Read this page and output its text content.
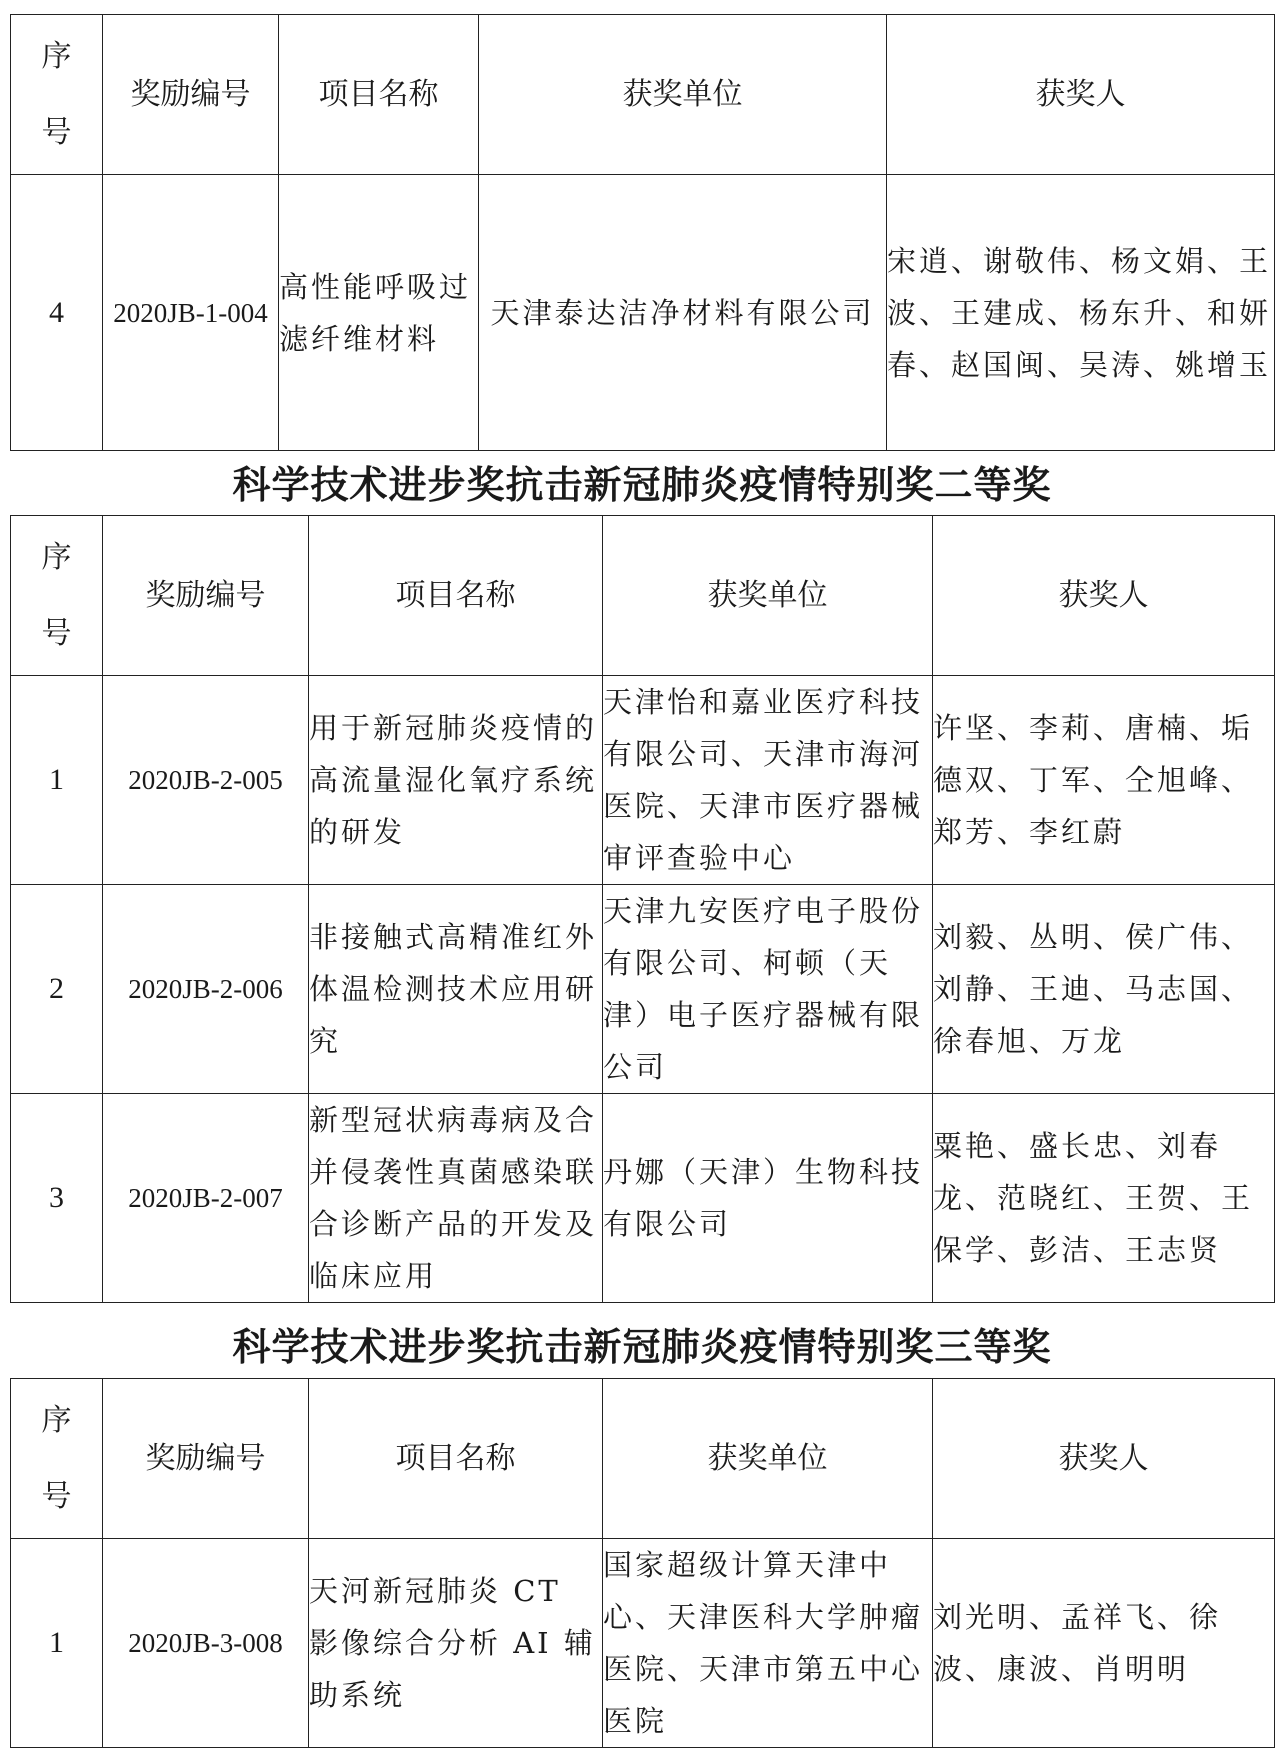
序号	奖励编号	项目名称	获奖单位	获奖人
4	2020JB-1-004	高性能呼吸过滤纤维材料	天津泰达洁净材料有限公司	宋逍、谢敬伟、杨文娟、王波、王建成、杨东升、和妍春、赵国闽、吴涛、姚增玉
科学技术进步奖抗击新冠肺炎疫情特别奖二等奖
序号	奖励编号	项目名称	获奖单位	获奖人
1	2020JB-2-005	用于新冠肺炎疫情的高流量湿化氧疗系统的研发	天津怡和嘉业医疗科技有限公司、天津市海河医院、天津市医疗器械审评查验中心	许坚、李莉、唐楠、垢德双、丁军、仝旭峰、郑芳、李红蔚
2	2020JB-2-006	非接触式高精准红外体温检测技术应用研究	天津九安医疗电子股份有限公司、柯顿（天津）电子医疗器械有限公司	刘毅、丛明、侯广伟、刘静、王迪、马志国、徐春旭、万龙
3	2020JB-2-007	新型冠状病毒病及合并侵袭性真菌感染联合诊断产品的开发及临床应用	丹娜（天津）生物科技有限公司	粟艳、盛长忠、刘春龙、范晓红、王贺、王保学、彭洁、王志贤
科学技术进步奖抗击新冠肺炎疫情特别奖三等奖
序号	奖励编号	项目名称	获奖单位	获奖人
1	2020JB-3-008	天河新冠肺炎 CT 影像综合分析 AI 辅助系统	国家超级计算天津中心、天津医科大学肿瘤医院、天津市第五中心医院	刘光明、孟祥飞、徐波、康波、肖明明
